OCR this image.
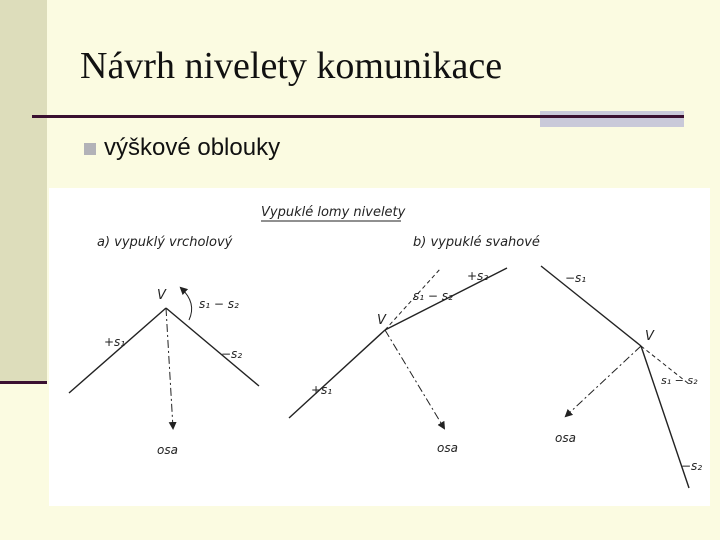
Návrh nivelety komunikace
výškové oblouky
Vypuklé lomy nivelety
a) vypuklý vrcholový
V
s₁ − s₂
+s₁
−s₂
osa
b) vypuklé svahové
V
s₁ − s₂
+s₂
+s₁
osa
V
−s₁
s₁ − s₂
−s₂
osa
